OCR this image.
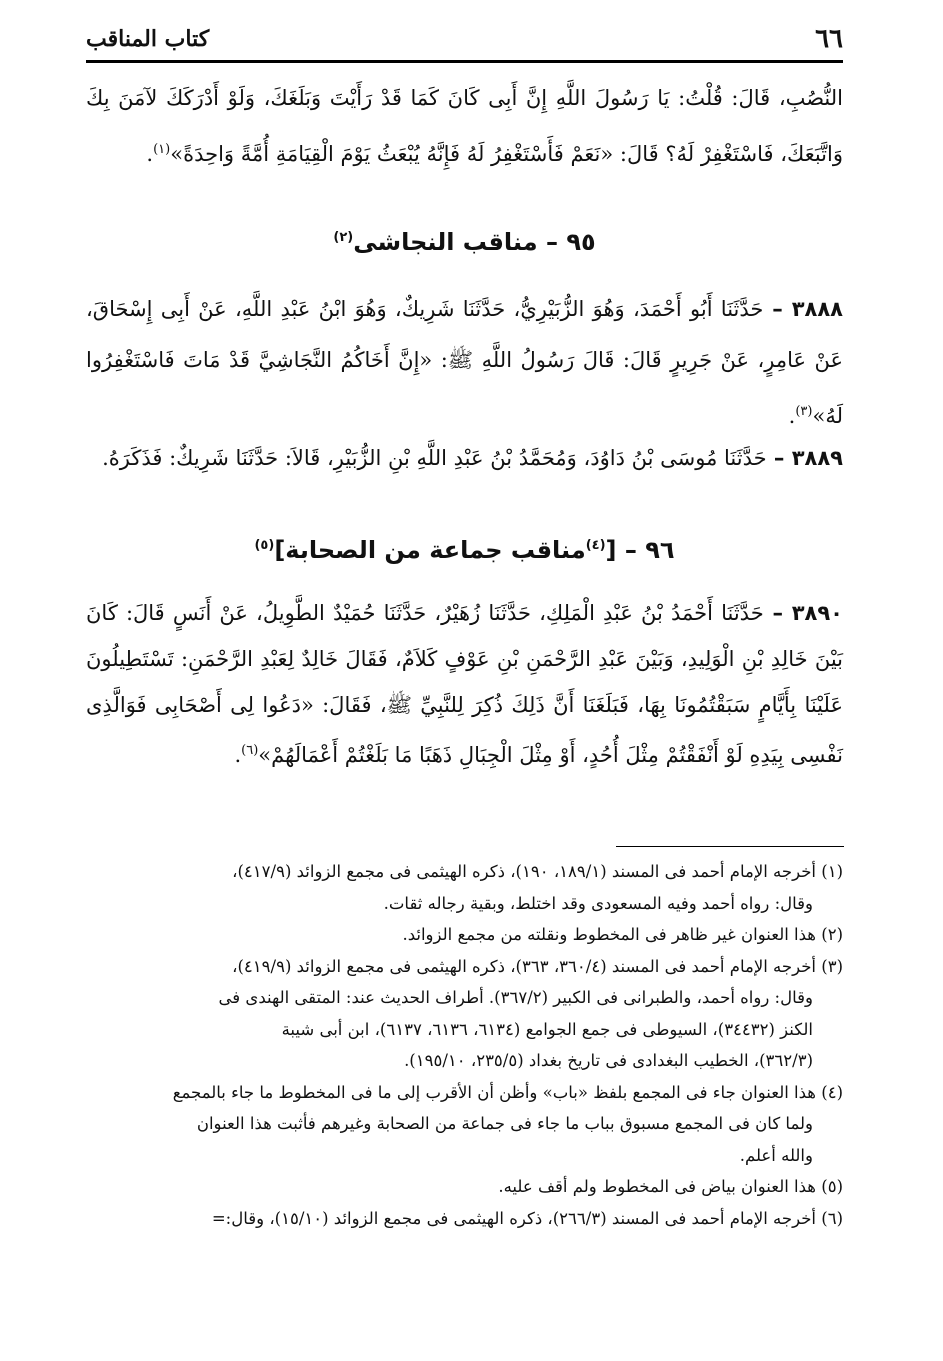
٦٦
كتاب المناقب

النُّصُبِ، قَالَ: قُلْتُ: يَا رَسُولَ اللَّهِ إِنَّ أَبِى كَانَ كَمَا قَدْ رَأَيْتَ وَبَلَغَكَ، وَلَوْ أَدْرَكَكَ لآمَنَ بِكَ وَاتَّبَعَكَ، فَاسْتَغْفِرْ لَهُ؟ قَالَ: «نَعَمْ فَأَسْتَغْفِرُ لَهُ فَإِنَّهُ يُبْعَثُ يَوْمَ الْقِيَامَةِ أُمَّةً وَاحِدَةً»$^{(١)}$.

٩٥ – مناقب النجاشى$^{(٢)}$

٣٨٨٨ – حَدَّثَنَا أَبُو أَحْمَدَ، وَهُوَ الزُّبَيْرِيُّ، حَدَّثَنَا شَرِيكٌ، وَهُوَ ابْنُ عَبْدِ اللَّهِ، عَنْ أَبِى إِسْحَاقَ، عَنْ عَامِرٍ، عَنْ جَرِيرٍ قَالَ: قَالَ رَسُولُ اللَّهِ ﷺ: «إِنَّ أَخَاكُمُ النَّجَاشِيَّ قَدْ مَاتَ فَاسْتَغْفِرُوا لَهُ»$^{(٣)}$.

٣٨٨٩ – حَدَّثَنَا مُوسَى بْنُ دَاوُدَ، وَمُحَمَّدُ بْنُ عَبْدِ اللَّهِ بْنِ الزُّبَيْرِ، قَالاَ: حَدَّثَنَا شَرِيكٌ: فَذَكَرَهُ.

٩٦ – [$^{(٤)}$مناقب جماعة من الصحابة]$^{(٥)}$

٣٨٩٠ – حَدَّثَنَا أَحْمَدُ بْنُ عَبْدِ الْمَلِكِ، حَدَّثَنَا زُهَيْرٌ، حَدَّثَنَا حُمَيْدٌ الطَّوِيلُ، عَنْ أَنَسٍ قَالَ: كَانَ بَيْنَ خَالِدِ بْنِ الْوَلِيدِ، وَبَيْنَ عَبْدِ الرَّحْمَنِ بْنِ عَوْفٍ كَلاَمٌ، فَقَالَ خَالِدٌ لِعَبْدِ الرَّحْمَنِ: تَسْتَطِيلُونَ عَلَيْنَا بِأَيَّامٍ سَبَقْتُمُونَا بِهَا، فَبَلَغَنَا أَنَّ ذَلِكَ ذُكِرَ لِلنَّبِيِّ ﷺ، فَقَالَ: «دَعُوا لِى أَصْحَابِى فَوَالَّذِى نَفْسِى بِيَدِهِ لَوْ أَنْفَقْتُمْ مِثْلَ أُحُدٍ، أَوْ مِثْلَ الْجِبَالِ ذَهَبًا مَا بَلَغْتُمْ أَعْمَالَهُمْ»$^{(٦)}$.

(١) أخرجه الإمام أحمد فى المسند (١٨٩/١، ١٩٠)، ذكره الهيثمى فى مجمع الزوائد (٤١٧/٩)،

وقال: رواه أحمد وفيه المسعودى وقد اختلط، وبقية رجاله ثقات.

(٢) هذا العنوان غير ظاهر فى المخطوط ونقلته من مجمع الزوائد.

(٣) أخرجه الإمام أحمد فى المسند (٣٦٠/٤، ٣٦٣)، ذكره الهيثمى فى مجمع الزوائد (٤١٩/٩)،

وقال: رواه أحمد، والطبرانى فى الكبير (٣٦٧/٢). أطراف الحديث عند: المتقى الهندى فى

الكنز (٣٤٤٣٢)، السيوطى فى جمع الجوامع (٦١٣٤، ٦١٣٦، ٦١٣٧)، ابن أبى شيبة

(٣٦٢/٣)، الخطيب البغدادى فى تاريخ بغداد (٢٣٥/٥، ١٩٥/١٠).

(٤) هذا العنوان جاء فى المجمع بلفظ «باب» وأظن أن الأقرب إلى ما فى المخطوط ما جاء بالمجمع

ولما كان فى المجمع مسبوق بباب ما جاء فى جماعة من الصحابة وغيرهم فأثبت هذا العنوان

والله أعلم.

(٥) هذا العنوان بياض فى المخطوط ولم أقف عليه.

(٦) أخرجه الإمام أحمد فى المسند (٢٦٦/٣)، ذكره الهيثمى فى مجمع الزوائد (١٥/١٠)، وقال:=
